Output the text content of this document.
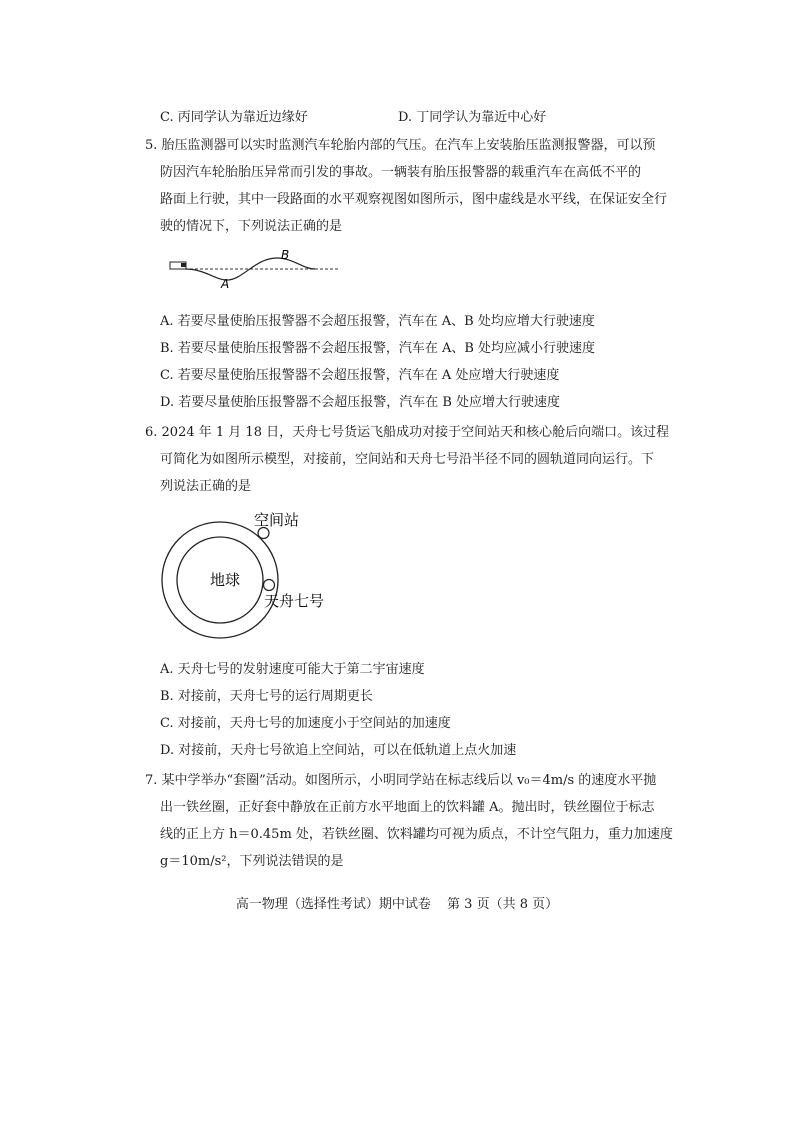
C. 丙同学认为靠近边缘好	D. 丁同学认为靠近中心好
5. 胎压监测器可以实时监测汽车轮胎内部的气压。在汽车上安装胎压监测报警器，可以预
防因汽车轮胎胎压异常而引发的事故。一辆装有胎压报警器的载重汽车在高低不平的
路面上行驶，其中一段路面的水平观察视图如图所示，图中虚线是水平线，在保证安全行
驶的情况下，下列说法正确的是
A
B
A. 若要尽量使胎压报警器不会超压报警，汽车在 A、B 处均应增大行驶速度
B. 若要尽量使胎压报警器不会超压报警，汽车在 A、B 处均应减小行驶速度
C. 若要尽量使胎压报警器不会超压报警，汽车在 A 处应增大行驶速度
D. 若要尽量使胎压报警器不会超压报警，汽车在 B 处应增大行驶速度
6. 2024 年 1 月 18 日，天舟七号货运飞船成功对接于空间站天和核心舱后向端口。该过程
可简化为如图所示模型，对接前，空间站和天舟七号沿半径不同的圆轨道同向运行。下
列说法正确的是
空间站
地球
天舟七号
A. 天舟七号的发射速度可能大于第二宇宙速度
B. 对接前，天舟七号的运行周期更长
C. 对接前，天舟七号的加速度小于空间站的加速度
D. 对接前，天舟七号欲追上空间站，可以在低轨道上点火加速
7. 某中学举办“套圈”活动。如图所示，小明同学站在标志线后以 v₀＝4m/s 的速度水平抛
出一铁丝圈，正好套中静放在正前方水平地面上的饮料罐 A。抛出时，铁丝圈位于标志
线的正上方 h＝0.45m 处，若铁丝圈、饮料罐均可视为质点，不计空气阻力，重力加速度
g＝10m/s²，下列说法错误的是
高一物理（选择性考试）期中试卷 第 3 页（共 8 页）
